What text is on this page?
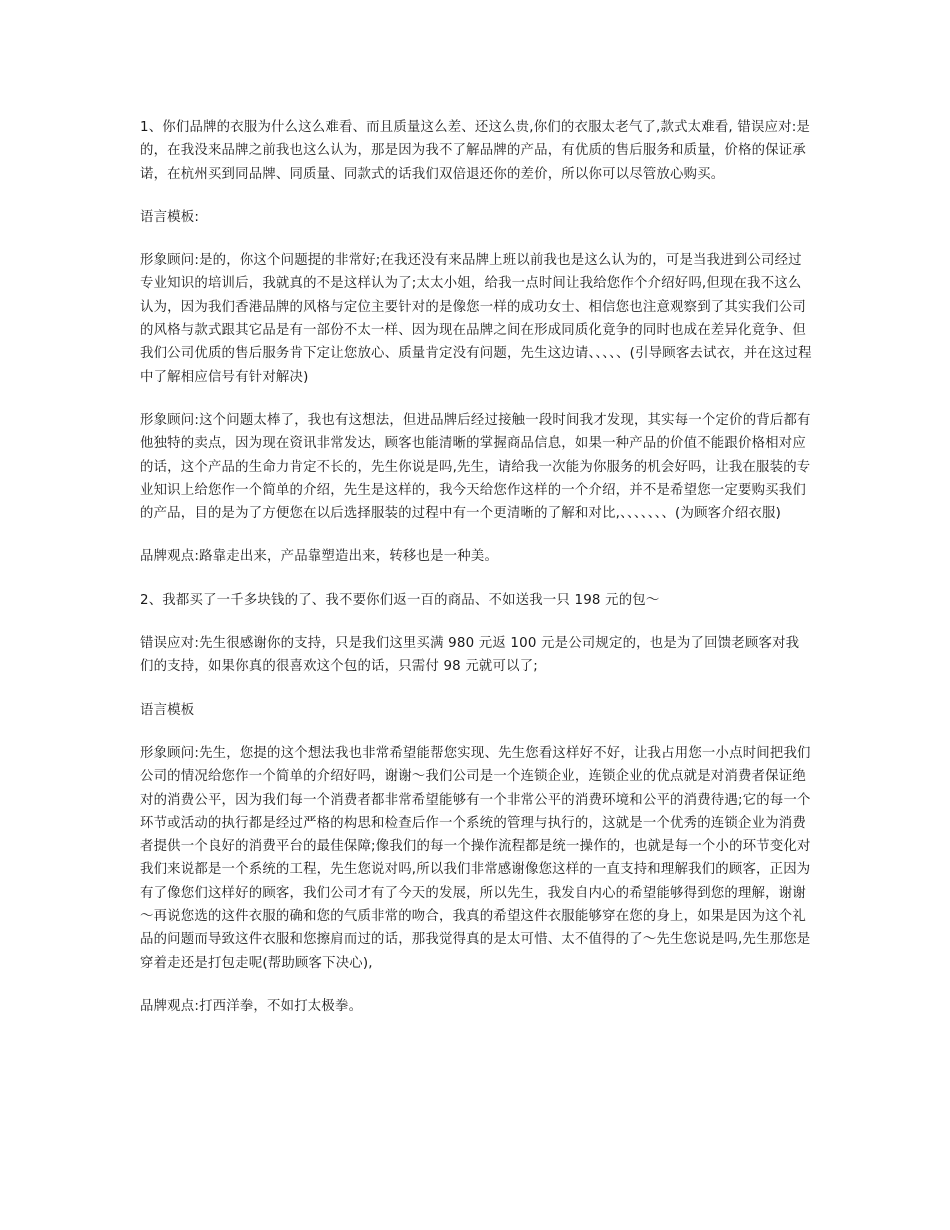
1、你们品牌的衣服为什么这么难看、而且质量这么差、还这么贵,你们的衣服太老气了,款式太难看, 错误应对:是的，在我没来品牌之前我也这么认为，那是因为我不了解品牌的产品，有优质的售后服务和质量，价格的保证承诺，在杭州买到同品牌、同质量、同款式的话我们双倍退还你的差价，所以你可以尽管放心购买。

语言模板:

形象顾问:是的，你这个问题提的非常好;在我还没有来品牌上班以前我也是这么认为的，可是当我进到公司经过专业知识的培训后，我就真的不是这样认为了;太太小姐，给我一点时间让我给您作个介绍好吗,但现在我不这么认为，因为我们香港品牌的风格与定位主要针对的是像您一样的成功女士、相信您也注意观察到了其实我们公司的风格与款式跟其它品是有一部份不太一样、因为现在品牌之间在形成同质化竟争的同时也成在差异化竟争、但我们公司优质的售后服务肯下定让您放心、质量肯定没有问题，先生这边请、、、、、(引导顾客去试衣，并在这过程中了解相应信号有针对解决)

形象顾问:这个问题太棒了，我也有这想法，但进品牌后经过接触一段时间我才发现，其实每一个定价的背后都有他独特的卖点，因为现在资讯非常发达，顾客也能清晰的掌握商品信息，如果一种产品的价值不能跟价格相对应的话，这个产品的生命力肯定不长的，先生你说是吗,先生，请给我一次能为你服务的机会好吗，让我在服装的专业知识上给您作一个简单的介绍，先生是这样的，我今天给您作这样的一个介绍，并不是希望您一定要购买我们的产品，目的是为了方便您在以后选择服装的过程中有一个更清晰的了解和对比,、、、、、、、(为顾客介绍衣服)

品牌观点:路靠走出来，产品靠塑造出来，转移也是一种美。

2、我都买了一千多块钱的了、我不要你们返一百的商品、不如送我一只 198 元的包～

错误应对:先生很感谢你的支持，只是我们这里买满 980 元返 100 元是公司规定的，也是为了回馈老顾客对我们的支持，如果你真的很喜欢这个包的话，只需付 98 元就可以了;

语言模板

形象顾问:先生，您提的这个想法我也非常希望能帮您实现、先生您看这样好不好，让我占用您一小点时间把我们公司的情况给您作一个简单的介绍好吗，谢谢～我们公司是一个连锁企业，连锁企业的优点就是对消费者保证绝对的消费公平，因为我们每一个消费者都非常希望能够有一个非常公平的消费环境和公平的消费待遇;它的每一个环节或活动的执行都是经过严格的构思和检查后作一个系统的管理与执行的，这就是一个优秀的连锁企业为消费者提供一个良好的消费平台的最佳保障;像我们的每一个操作流程都是统一操作的，也就是每一个小的环节变化对我们来说都是一个系统的工程，先生您说对吗,所以我们非常感谢像您这样的一直支持和理解我们的顾客，正因为有了像您们这样好的顾客，我们公司才有了今天的发展，所以先生，我发自内心的希望能够得到您的理解，谢谢～再说您选的这件衣服的确和您的气质非常的吻合，我真的希望这件衣服能够穿在您的身上，如果是因为这个礼品的问题而导致这件衣服和您擦肩而过的话，那我觉得真的是太可惜、太不值得的了～先生您说是吗,先生那您是穿着走还是打包走呢(帮助顾客下决心),

品牌观点:打西洋拳，不如打太极拳。
